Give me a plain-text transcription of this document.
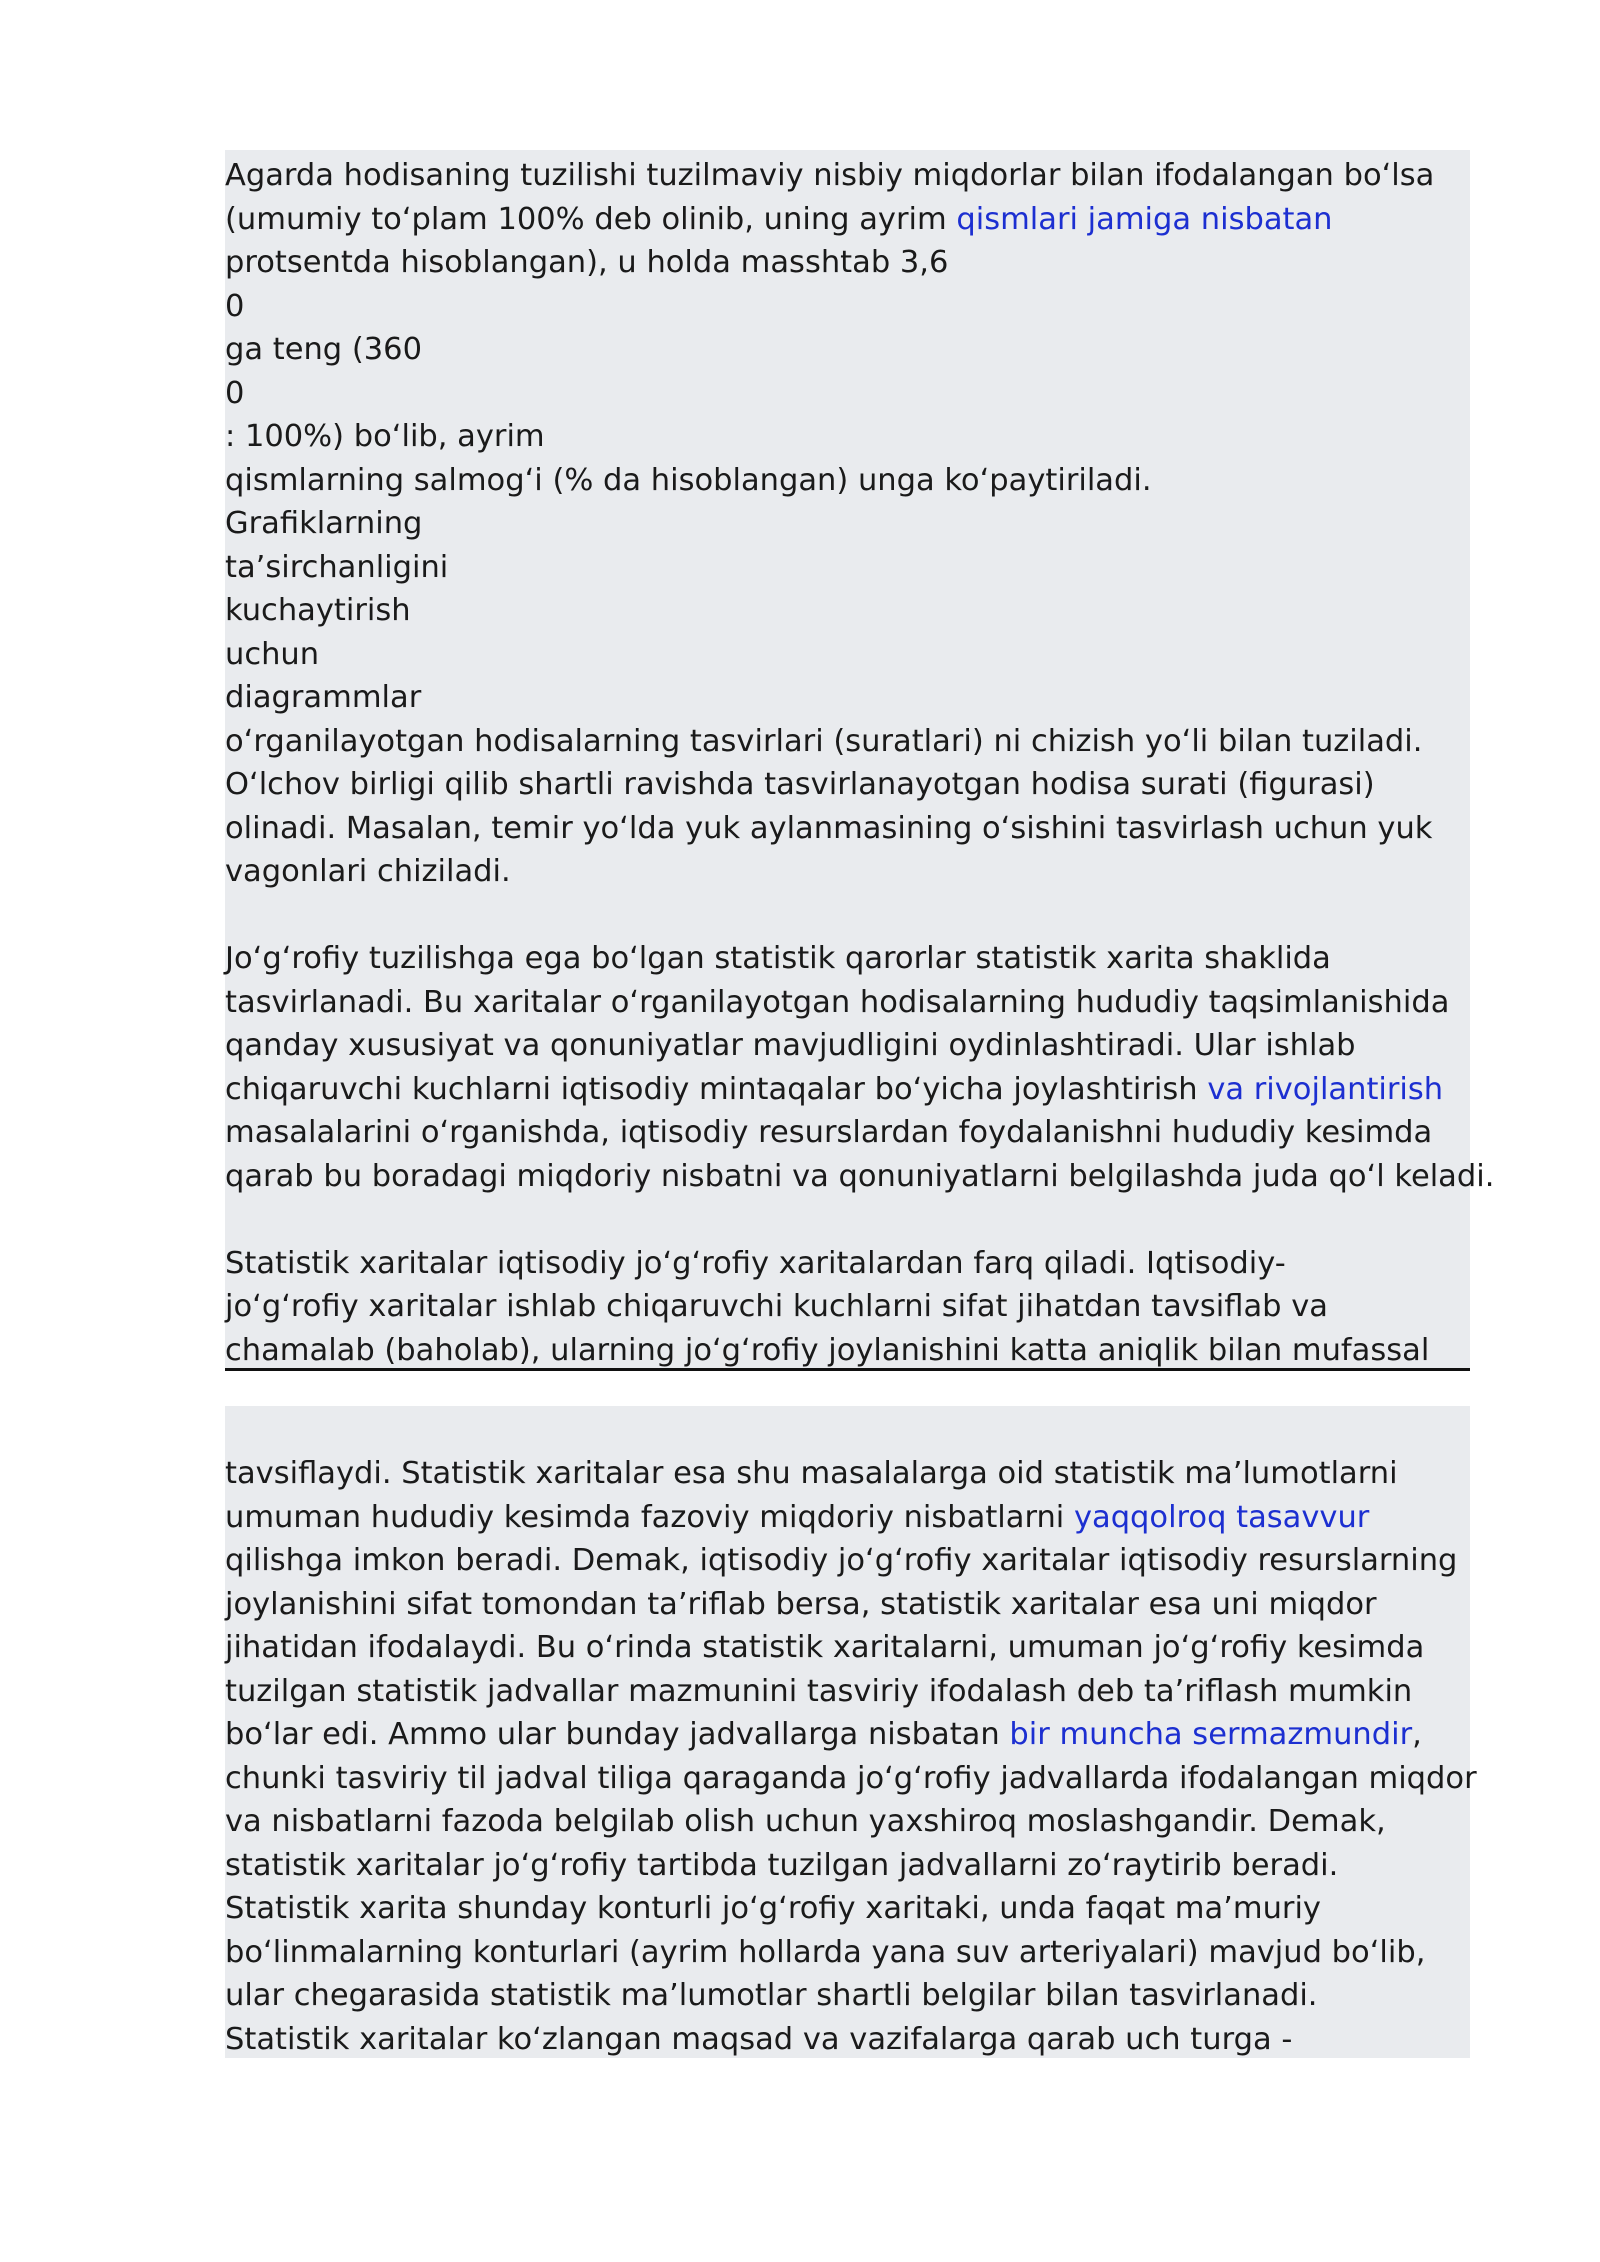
Agarda hodisaning tuzilishi tuzilmaviy nisbiy miqdorlar bilan ifodalangan boʻlsa
(umumiy toʻplam 100% deb olinib, uning ayrim qismlari jamiga nisbatan
protsentda hisoblangan), u holda masshtab 3,6
0
ga teng (360
0
: 100%) boʻlib, ayrim
qismlarning salmogʻi (% da hisoblangan) unga koʻpaytiriladi.
Grafiklarning
taʼsirchanligini
kuchaytirish
uchun
diagrammlar
oʻrganilayotgan hodisalarning tasvirlari (suratlari) ni chizish yoʻli bilan tuziladi.
Oʻlchov birligi qilib shartli ravishda tasvirlanayotgan hodisa surati (figurasi)
olinadi. Masalan, temir yoʻlda yuk aylanmasining oʻsishini tasvirlash uchun yuk
vagonlari chiziladi.
Joʻgʻrofiy tuzilishga ega boʻlgan statistik qarorlar statistik xarita shaklida
tasvirlanadi. Bu xaritalar oʻrganilayotgan hodisalarning hududiy taqsimlanishida
qanday xususiyat va qonuniyatlar mavjudligini oydinlashtiradi. Ular ishlab
chiqaruvchi kuchlarni iqtisodiy mintaqalar boʻyicha joylashtirish va rivojlantirish
masalalarini oʻrganishda, iqtisodiy resurslardan foydalanishni hududiy kesimda
qarab bu boradagi miqdoriy nisbatni va qonuniyatlarni belgilashda juda qoʻl keladi.
Statistik xaritalar iqtisodiy joʻgʻrofiy xaritalardan farq qiladi. Iqtisodiy-
joʻgʻrofiy xaritalar ishlab chiqaruvchi kuchlarni sifat jihatdan tavsiflab va
chamalab (baholab), ularning joʻgʻrofiy joylanishini katta aniqlik bilan mufassal
tavsiflaydi. Statistik xaritalar esa shu masalalarga oid statistik maʼlumotlarni
umuman hududiy kesimda fazoviy miqdoriy nisbatlarni yaqqolroq tasavvur
qilishga imkon beradi. Demak, iqtisodiy joʻgʻrofiy xaritalar iqtisodiy resurslarning
joylanishini sifat tomondan taʼriflab bersa, statistik xaritalar esa uni miqdor
jihatidan ifodalaydi. Bu oʻrinda statistik xaritalarni, umuman joʻgʻrofiy kesimda
tuzilgan statistik jadvallar mazmunini tasviriy ifodalash deb taʼriflash mumkin
boʻlar edi. Ammo ular bunday jadvallarga nisbatan bir muncha sermazmundir,
chunki tasviriy til jadval tiliga qaraganda joʻgʻrofiy jadvallarda ifodalangan miqdor
va nisbatlarni fazoda belgilab olish uchun yaxshiroq moslashgandir. Demak,
statistik xaritalar joʻgʻrofiy tartibda tuzilgan jadvallarni zoʻraytirib beradi.
Statistik xarita shunday konturli joʻgʻrofiy xaritaki, unda faqat maʼmuriy
boʻlinmalarning konturlari (ayrim hollarda yana suv arteriyalari) mavjud boʻlib,
ular chegarasida statistik maʼlumotlar shartli belgilar bilan tasvirlanadi.
Statistik xaritalar koʻzlangan maqsad va vazifalarga qarab uch turga -
